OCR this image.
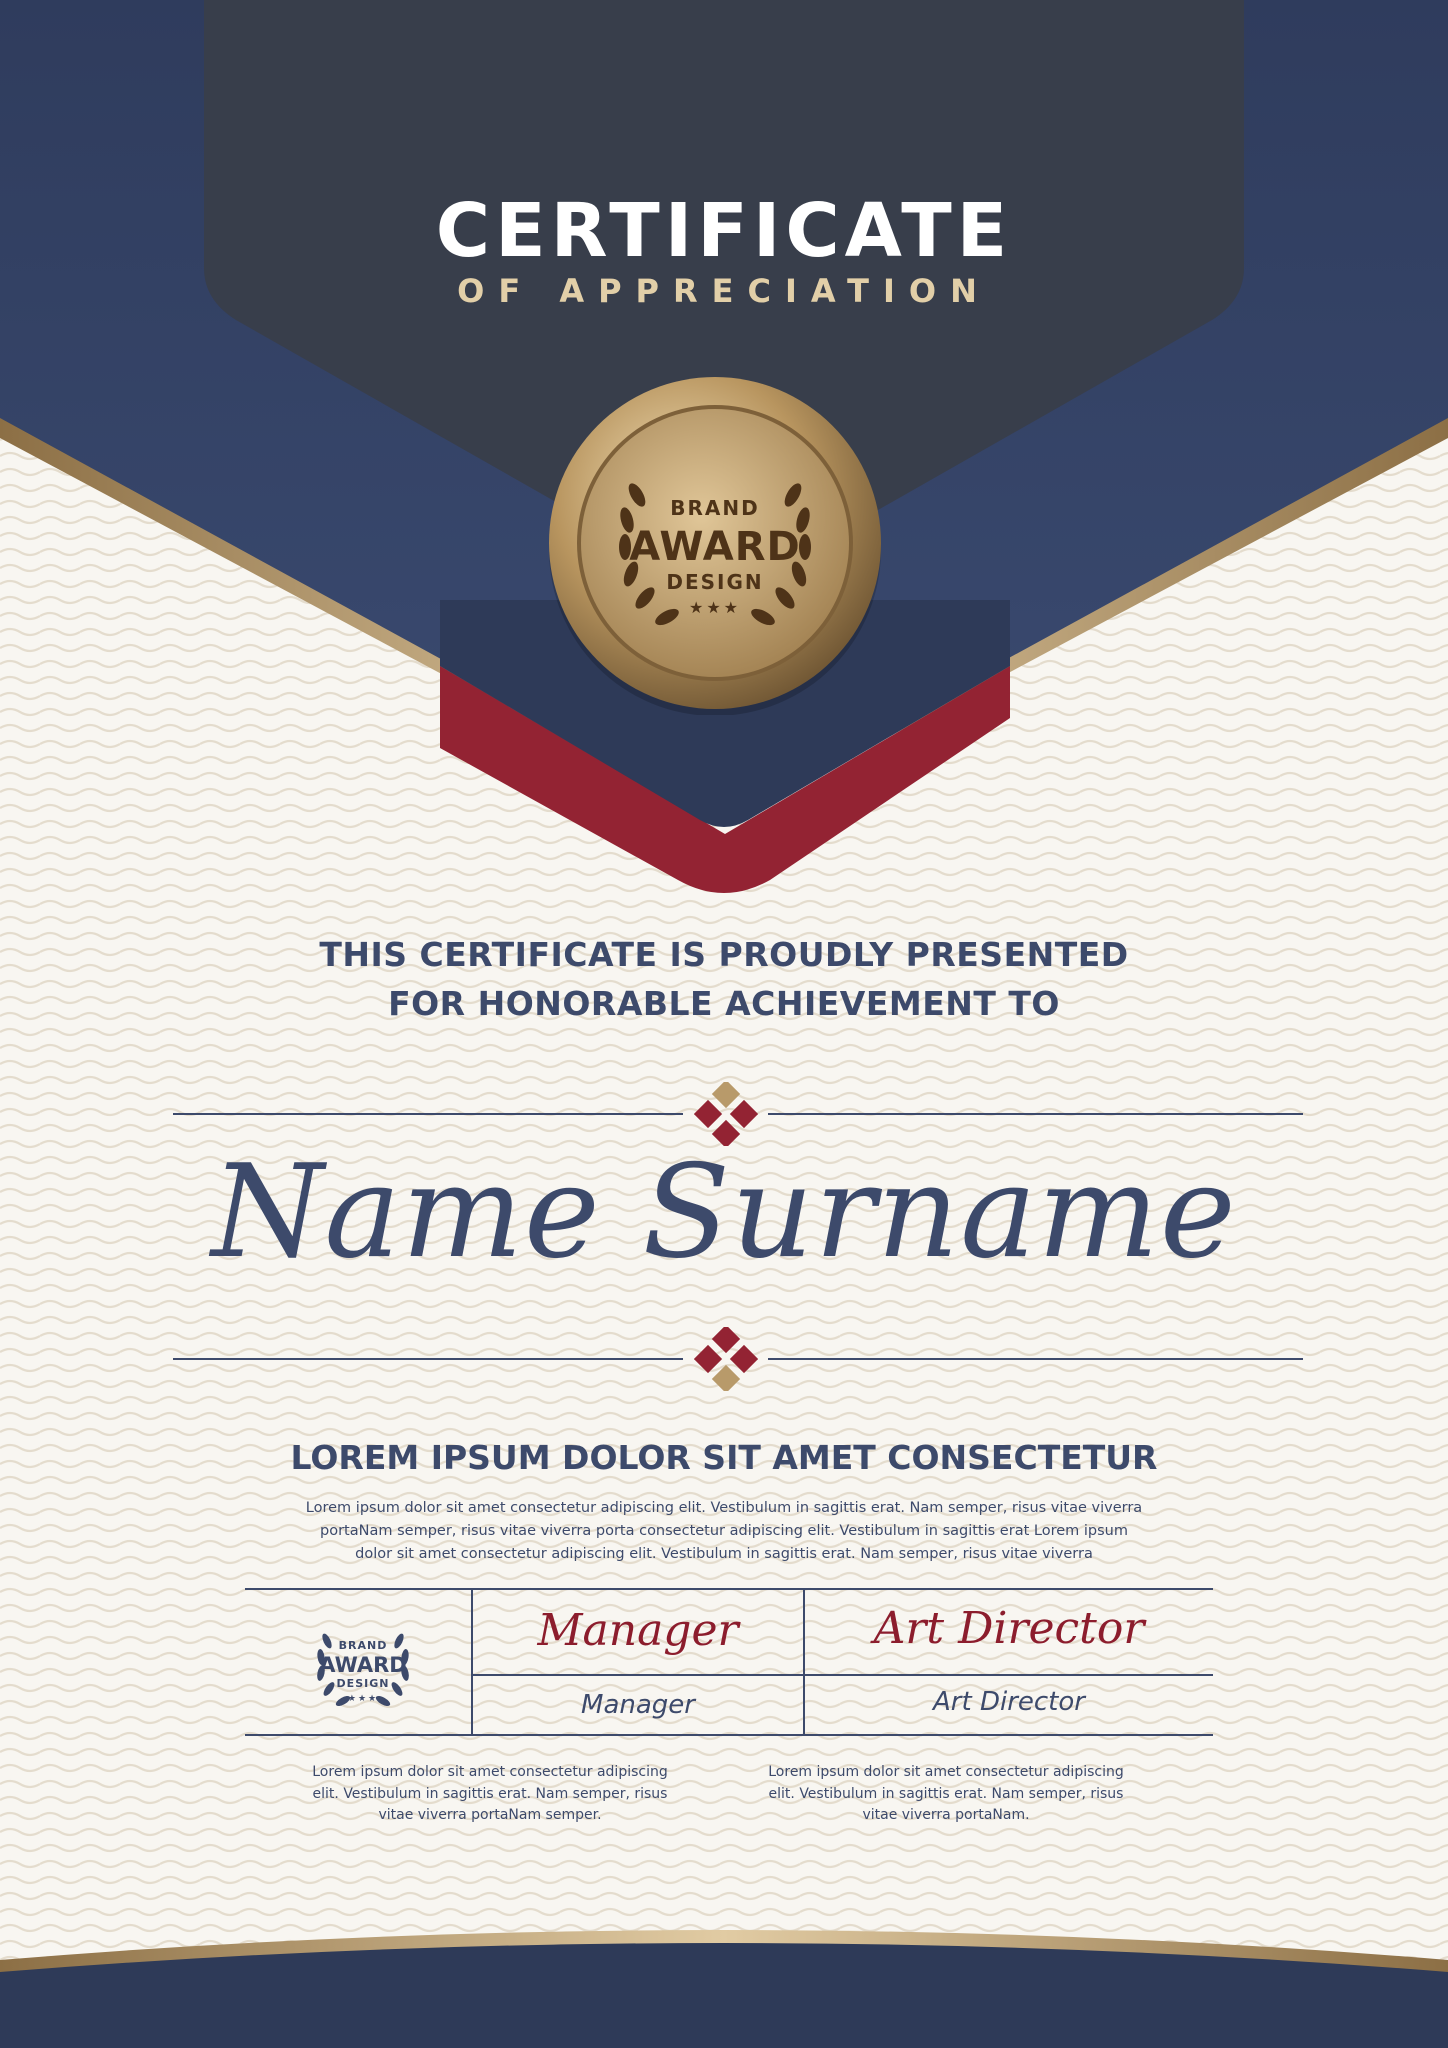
CERTIFICATE
OF APPRECIATION
BRAND
AWARD
DESIGN
★★★
THIS CERTIFICATE IS PROUDLY PRESENTED
FOR HONORABLE ACHIEVEMENT TO
Name Surname
LOREM IPSUM DOLOR SIT AMET CONSECTETUR
Lorem ipsum dolor sit amet consectetur adipiscing elit. Vestibulum in sagittis erat. Nam semper, risus vitae viverra portaNam semper, risus vitae viverra porta consectetur adipiscing elit. Vestibulum in sagittis erat Lorem ipsum dolor sit amet consectetur adipiscing elit. Vestibulum in sagittis erat. Nam semper, risus vitae viverra
BRAND
AWARD
DESIGN
★★★
Manager
Manager
Art Director
Art Director
Lorem ipsum dolor sit amet consectetur adipiscing elit. Vestibulum in sagittis erat. Nam semper, risus vitae viverra portaNam semper.
Lorem ipsum dolor sit amet consectetur adipiscing elit. Vestibulum in sagittis erat. Nam semper, risus vitae viverra portaNam.
